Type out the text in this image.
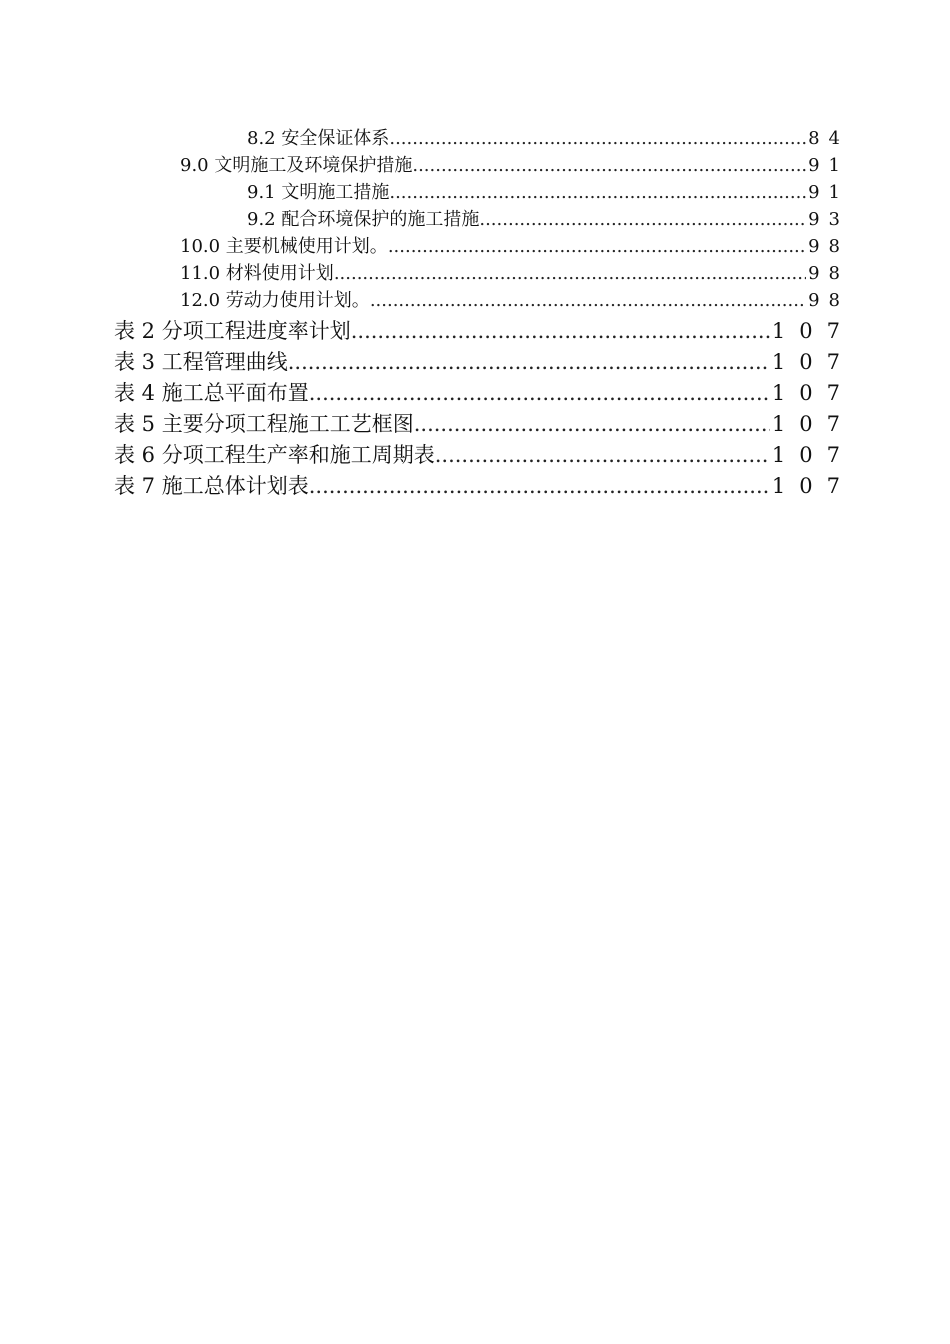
8.2 安全保证体系 .....	84
9.0 文明施工及环境保护措施 .....	91
9.1 文明施工措施 .....	91
9.2 配合环境保护的施工措施 .....	93
10.0 主要机械使用计划。 .....	98
11.0 材料使用计划 .....	98
12.0 劳动力使用计划。 .....	98
表 2 分项工程进度率计划 .....	107
表 3 工程管理曲线 .....	107
表 4 施工总平面布置 .....	107
表 5 主要分项工程施工工艺框图 .....	107
表 6 分项工程生产率和施工周期表 .....	107
表 7 施工总体计划表 .....	107
